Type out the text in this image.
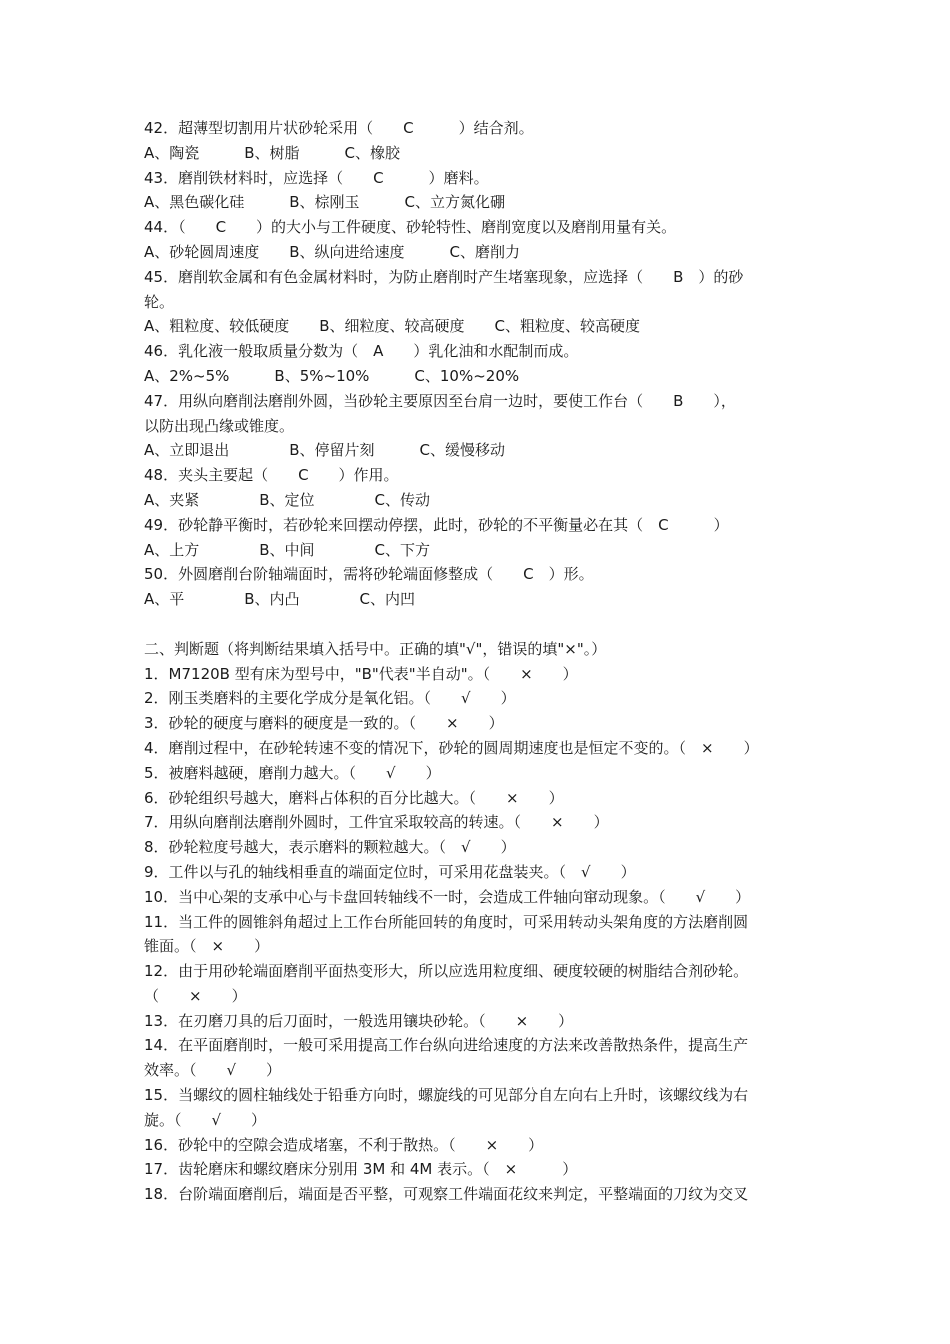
42．超薄型切割用片状砂轮采用（　　C　　　）结合剂。
A、陶瓷　　　B、树脂　　　C、橡胶
43．磨削铁材料时，应选择（　　C　　　）磨料。
A、黑色碳化硅　　　B、棕刚玉　　　C、立方氮化硼
44．（　　C　　）的大小与工件硬度、砂轮特性、磨削宽度以及磨削用量有关。
A、砂轮圆周速度　　B、纵向进给速度　　　C、磨削力
45．磨削软金属和有色金属材料时，为防止磨削时产生堵塞现象，应选择（　　B　）的砂
轮。
A、粗粒度、较低硬度　　B、细粒度、较高硬度　　C、粗粒度、较高硬度
46．乳化液一般取质量分数为（　A　　）乳化油和水配制而成。
A、2%~5%　　　B、5%~10%　　　C、10%~20%
47．用纵向磨削法磨削外圆，当砂轮主要原因至台肩一边时，要使工作台（　　B　　），
以防出现凸缘或锥度。
A、立即退出　　　　B、停留片刻　　　C、缓慢移动
48．夹头主要起（　　C　　）作用。
A、夹紧　　　　B、定位　　　　C、传动
49．砂轮静平衡时，若砂轮来回摆动停摆，此时，砂轮的不平衡量必在其（　C　　　）
A、上方　　　　B、中间　　　　C、下方
50．外圆磨削台阶轴端面时，需将砂轮端面修整成（　　C　）形。
A、平　　　　B、内凸　　　　C、内凹
二、判断题（将判断结果填入括号中。正确的填"√"，错误的填"×"。）
1．M7120B 型有床为型号中，"B"代表"半自动"。（　　×　　）
2．刚玉类磨料的主要化学成分是氧化铝。（　　√　　）
3．砂轮的硬度与磨料的硬度是一致的。（　　×　　）
4．磨削过程中，在砂轮转速不变的情况下，砂轮的圆周期速度也是恒定不变的。（　×　　）
5．被磨料越硬，磨削力越大。（　　√　　）
6．砂轮组织号越大，磨料占体积的百分比越大。（　　×　　）
7．用纵向磨削法磨削外圆时，工件宜采取较高的转速。（　　×　　）
8．砂轮粒度号越大，表示磨料的颗粒越大。（　√　　）
9．工件以与孔的轴线相垂直的端面定位时，可采用花盘装夹。（　√　　）
10．当中心架的支承中心与卡盘回转轴线不一时，会造成工件轴向窜动现象。（　　√　　）
11．当工件的圆锥斜角超过上工作台所能回转的角度时，可采用转动头架角度的方法磨削圆
锥面。（　×　　）
12．由于用砂轮端面磨削平面热变形大，所以应选用粒度细、硬度较硬的树脂结合剂砂轮。
（　　×　　）
13．在刃磨刀具的后刀面时，一般选用镶块砂轮。（　　×　　）
14．在平面磨削时，一般可采用提高工作台纵向进给速度的方法来改善散热条件，提高生产
效率。（　　√　　）
15．当螺纹的圆柱轴线处于铅垂方向时，螺旋线的可见部分自左向右上升时，该螺纹线为右
旋。（　　√　　）
16．砂轮中的空隙会造成堵塞，不利于散热。（　　×　　）
17．齿轮磨床和螺纹磨床分别用 3M 和 4M 表示。（　×　　　）
18．台阶端面磨削后，端面是否平整，可观察工件端面花纹来判定，平整端面的刀纹为交叉
